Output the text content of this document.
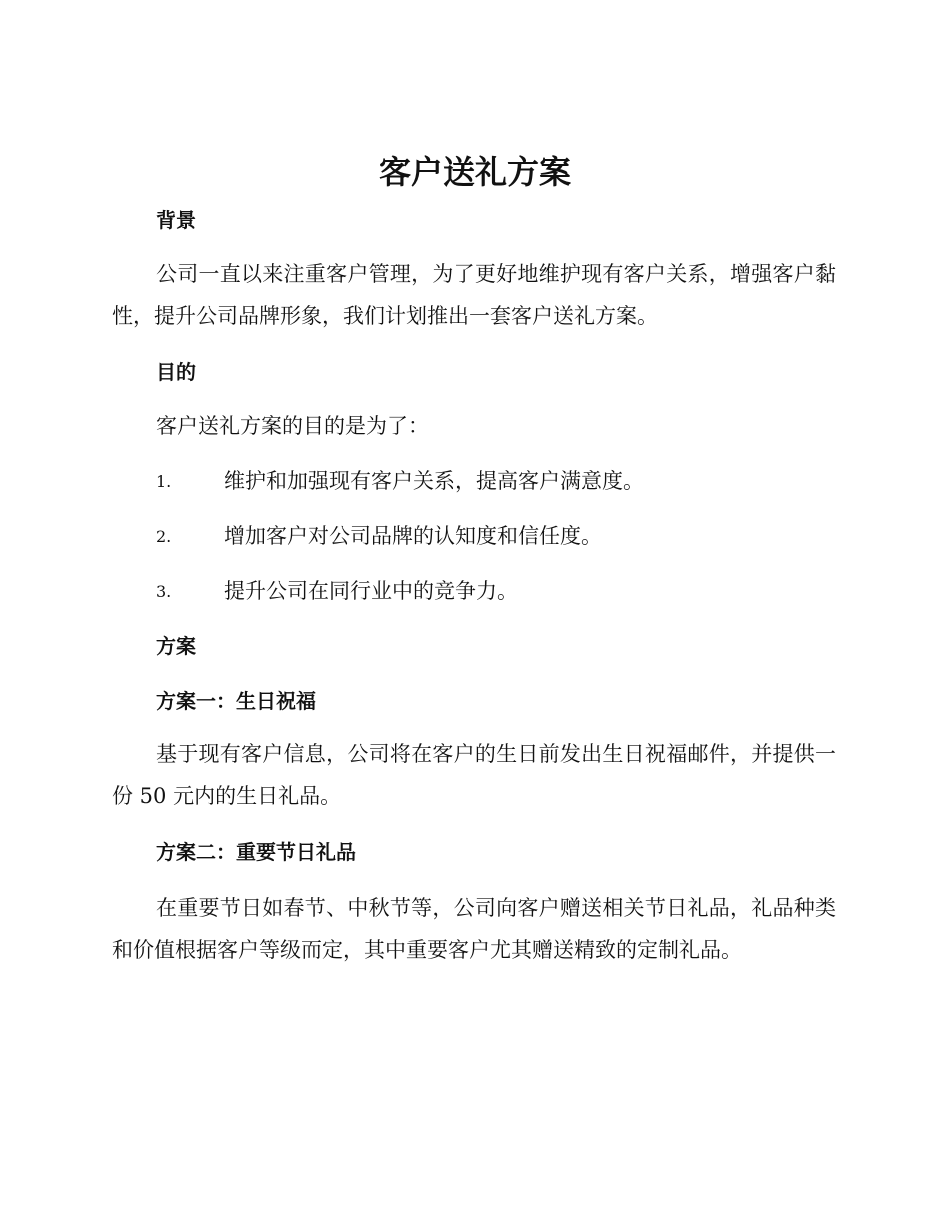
客户送礼方案
背景

公司一直以来注重客户管理，为了更好地维护现有客户关系，增强客户黏性，提升公司品牌形象，我们计划推出一套客户送礼方案。

目的

客户送礼方案的目的是为了：

1.	维护和加强现有客户关系，提高客户满意度。
2.	增加客户对公司品牌的认知度和信任度。
3.	提升公司在同行业中的竞争力。
方案
方案一：生日祝福

基于现有客户信息，公司将在客户的生日前发出生日祝福邮件，并提供一份 50 元内的生日礼品。

方案二：重要节日礼品

在重要节日如春节、中秋节等，公司向客户赠送相关节日礼品，礼品种类和价值根据客户等级而定，其中重要客户尤其赠送精致的定制礼品。
